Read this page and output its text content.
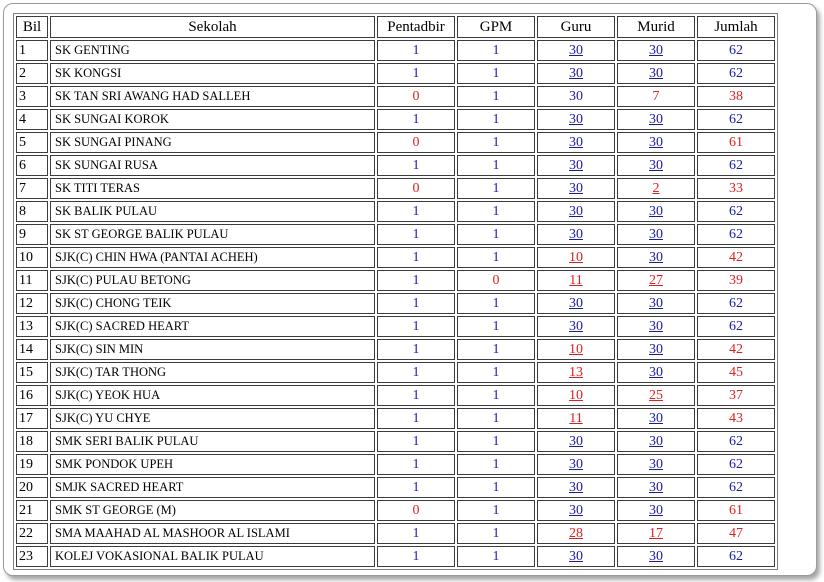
Bil	Sekolah	Pentadbir	GPM	Guru	Murid	Jumlah
1	SK GENTING	1	1	30	30	62
2	SK KONGSI	1	1	30	30	62
3	SK TAN SRI AWANG HAD SALLEH	0	1	30	7	38
4	SK SUNGAI KOROK	1	1	30	30	62
5	SK SUNGAI PINANG	0	1	30	30	61
6	SK SUNGAI RUSA	1	1	30	30	62
7	SK TITI TERAS	0	1	30	2	33
8	SK BALIK PULAU	1	1	30	30	62
9	SK ST GEORGE BALIK PULAU	1	1	30	30	62
10	SJK(C) CHIN HWA (PANTAI ACHEH)	1	1	10	30	42
11	SJK(C) PULAU BETONG	1	0	11	27	39
12	SJK(C) CHONG TEIK	1	1	30	30	62
13	SJK(C) SACRED HEART	1	1	30	30	62
14	SJK(C) SIN MIN	1	1	10	30	42
15	SJK(C) TAR THONG	1	1	13	30	45
16	SJK(C) YEOK HUA	1	1	10	25	37
17	SJK(C) YU CHYE	1	1	11	30	43
18	SMK SERI BALIK PULAU	1	1	30	30	62
19	SMK PONDOK UPEH	1	1	30	30	62
20	SMJK SACRED HEART	1	1	30	30	62
21	SMK ST GEORGE (M)	0	1	30	30	61
22	SMA MAAHAD AL MASHOOR AL ISLAMI	1	1	28	17	47
23	KOLEJ VOKASIONAL BALIK PULAU	1	1	30	30	62
